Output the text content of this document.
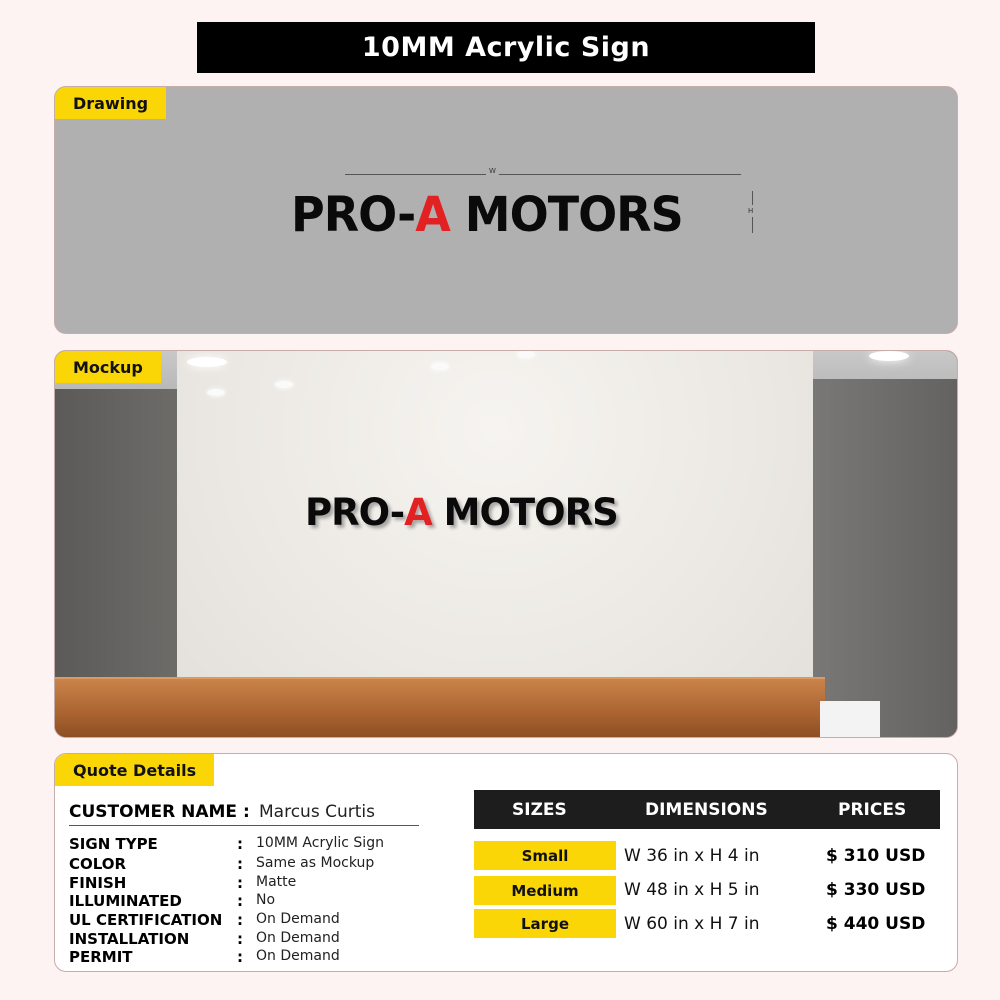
10MM Acrylic Sign
Drawing
W
PRO-A MOTORS	H
PRO-A MOTORS
Mockup
Quote Details
CUSTOMER NAME : Marcus Curtis
SIGN TYPE	: 10MM Acrylic Sign
COLOR	: Same as Mockup
FINISH	: Matte
ILLUMINATED	: No
UL CERTIFICATION : On Demand
INSTALLATION	: On Demand
PERMIT	: On Demand
SIZES	DIMENSIONS	PRICES
Small	W 36 in x H 4 in	$ 310 USD
Medium	W 48 in x H 5 in	$ 330 USD
Large	W 60 in x H 7 in	$ 440 USD
